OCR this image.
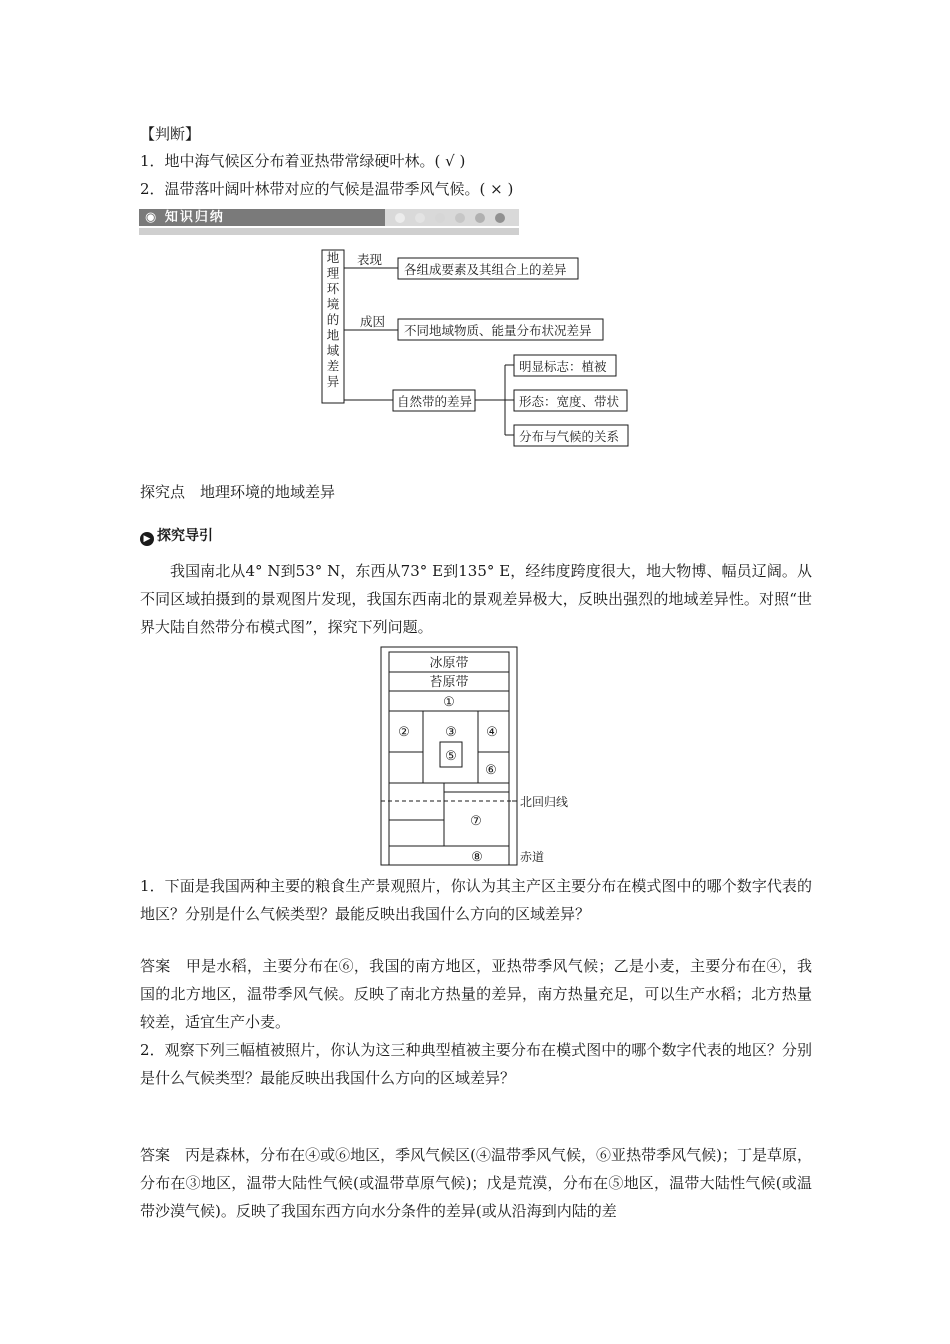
【判断】
1．地中海气候区分布着亚热带常绿硬叶林。( √ )
2．温带落叶阔叶林带对应的气候是温带季风气候。( × )
◉ 知识归纳
地理环境的地域差异
表现
成因
各组成要素及其组合上的差异
不同地域物质、能量分布状况差异
自然带的差异
明显标志：植被
形态：宽度、带状
分布与气候的关系
探究点　地理环境的地域差异
▶ 探究导引
我国南北从4° N到53° N，东西从73° E到135° E，经纬度跨度很大，地大物博、幅员辽阔。从不同区域拍摄到的景观图片发现，我国东西南北的景观差异极大，反映出强烈的地域差异性。对照“世界大陆自然带分布模式图”，探究下列问题。
冰原带
苔原带
①
②	③ ④
⑤
⑥
⑦
⑧
北回归线
赤道
1．下面是我国两种主要的粮食生产景观照片，你认为其主产区主要分布在模式图中的哪个数字代表的地区？分别是什么气候类型？最能反映出我国什么方向的区域差异？
答案　甲是水稻，主要分布在⑥，我国的南方地区，亚热带季风气候；乙是小麦，主要分布在④，我国的北方地区，温带季风气候。反映了南北方热量的差异，南方热量充足，可以生产水稻；北方热量较差，适宜生产小麦。
2．观察下列三幅植被照片，你认为这三种典型植被主要分布在模式图中的哪个数字代表的地区？分别是什么气候类型？最能反映出我国什么方向的区域差异？
答案　丙是森林，分布在④或⑥地区，季风气候区(④温带季风气候，⑥亚热带季风气候)；丁是草原，分布在③地区，温带大陆性气候(或温带草原气候)；戊是荒漠，分布在⑤地区，温带大陆性气候(或温带沙漠气候)。反映了我国东西方向水分条件的差异(或从沿海到内陆的差
